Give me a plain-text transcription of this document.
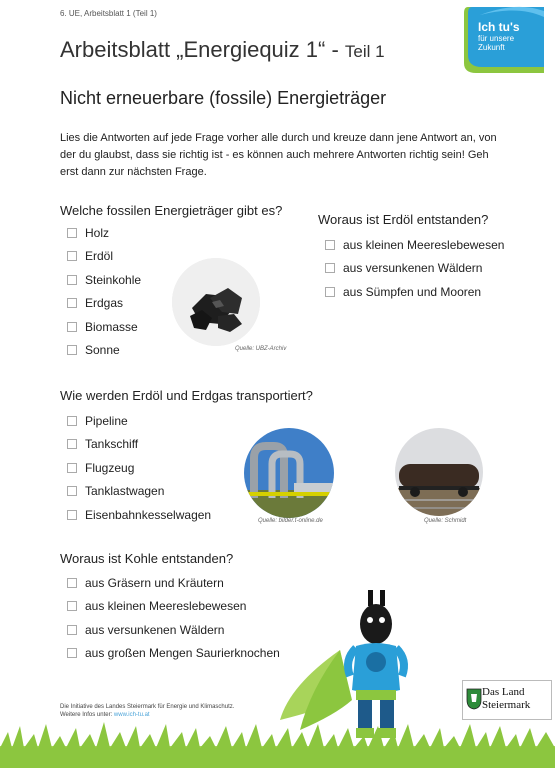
6. UE, Arbeitsblatt 1 (Teil 1)
Ich tu's
für unsere
Zukunft
Arbeitsblatt „Energiequiz 1“ - Teil 1
Nicht erneuerbare (fossile) Energieträger
Lies die Antworten auf jede Frage vorher alle durch und kreuze dann jene Antwort an, von der du glaubst, dass sie richtig ist - es können auch mehrere Antworten richtig sein! Geh erst dann zur nächsten Frage.
Welche fossilen Energieträger gibt es?
Holz
Erdöl
Steinkohle
Erdgas
Biomasse
Sonne	Quelle: UBZ-Archiv
Woraus ist Erdöl entstanden?
aus kleinen Meereslebewesen
aus versunkenen Wäldern
aus Sümpfen und Mooren
Wie werden Erdöl und Erdgas transportiert?
Pipeline
Tankschiff
Flugzeug
Tanklastwagen
Eisenbahnkesselwagen	Quelle: bilder.t-online.de	Quelle: Schmidt
Woraus ist Kohle entstanden?
aus Gräsern und Kräutern
aus kleinen Meereslebewesen
aus versunkenen Wäldern
aus großen Mengen Saurierknochen
Die Initiative des Landes Steiermark für Energie und Klimaschutz.
Weitere Infos unter: www.ich-tu.at
Das Land
Steiermark
